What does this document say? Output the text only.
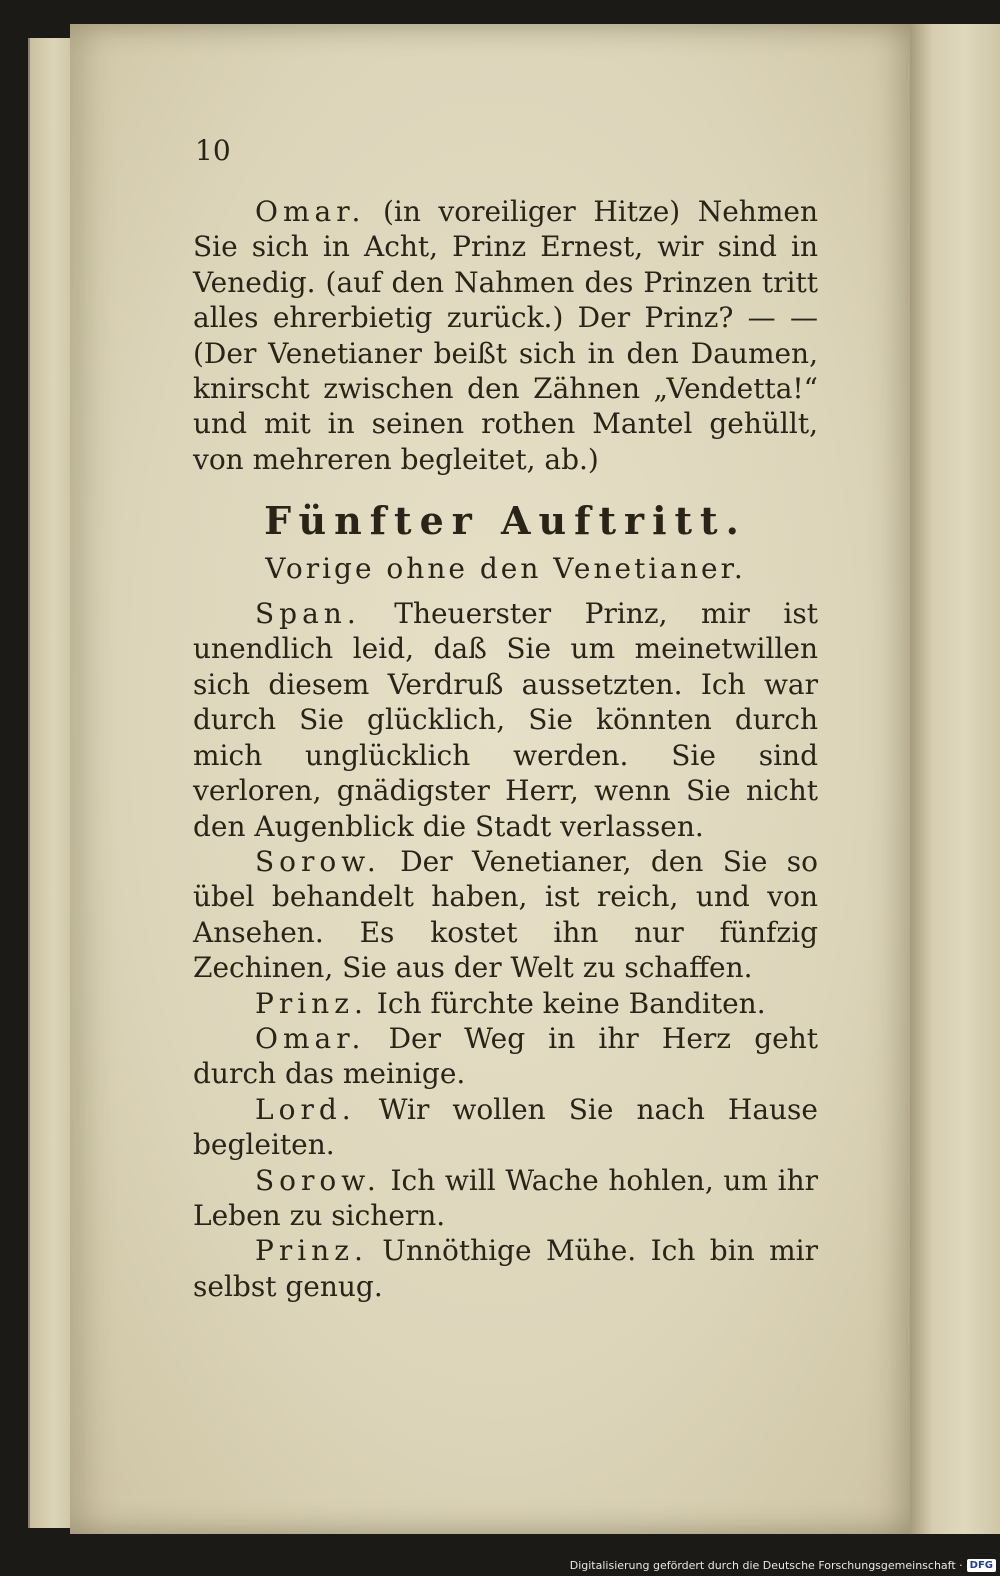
10

Omar. (in voreiliger Hitze) Nehmen Sie sich in Acht, Prinz Ernest, wir sind in Venedig. (auf den Nahmen des Prinzen tritt alles ehrerbietig zurück.) Der Prinz? — — (Der Venetianer beißt sich in den Daumen, knirscht zwischen den Zähnen „Vendetta!“ und mit in seinen rothen Mantel gehüllt, von mehreren begleitet, ab.)

Fünfter Auftritt.
Vorige ohne den Venetianer.

Span. Theuerster Prinz, mir ist unendlich leid, daß Sie um meinetwillen sich diesem Verdruß aussetzten. Ich war durch Sie glücklich, Sie könnten durch mich unglücklich werden. Sie sind verloren, gnädigster Herr, wenn Sie nicht den Augenblick die Stadt verlassen.

Sorow. Der Venetianer, den Sie so übel behandelt haben, ist reich, und von Ansehen. Es kostet ihn nur fünfzig Zechinen, Sie aus der Welt zu schaffen.

Prinz. Ich fürchte keine Banditen.

Omar. Der Weg in ihr Herz geht durch das meinige.

Lord. Wir wollen Sie nach Hause begleiten.

Sorow. Ich will Wache hohlen, um ihr Leben zu sichern.

Prinz. Unnöthige Mühe. Ich bin mir selbst genug.

Digitalisierung gefördert durch die Deutsche Forschungsgemeinschaft · DFG
